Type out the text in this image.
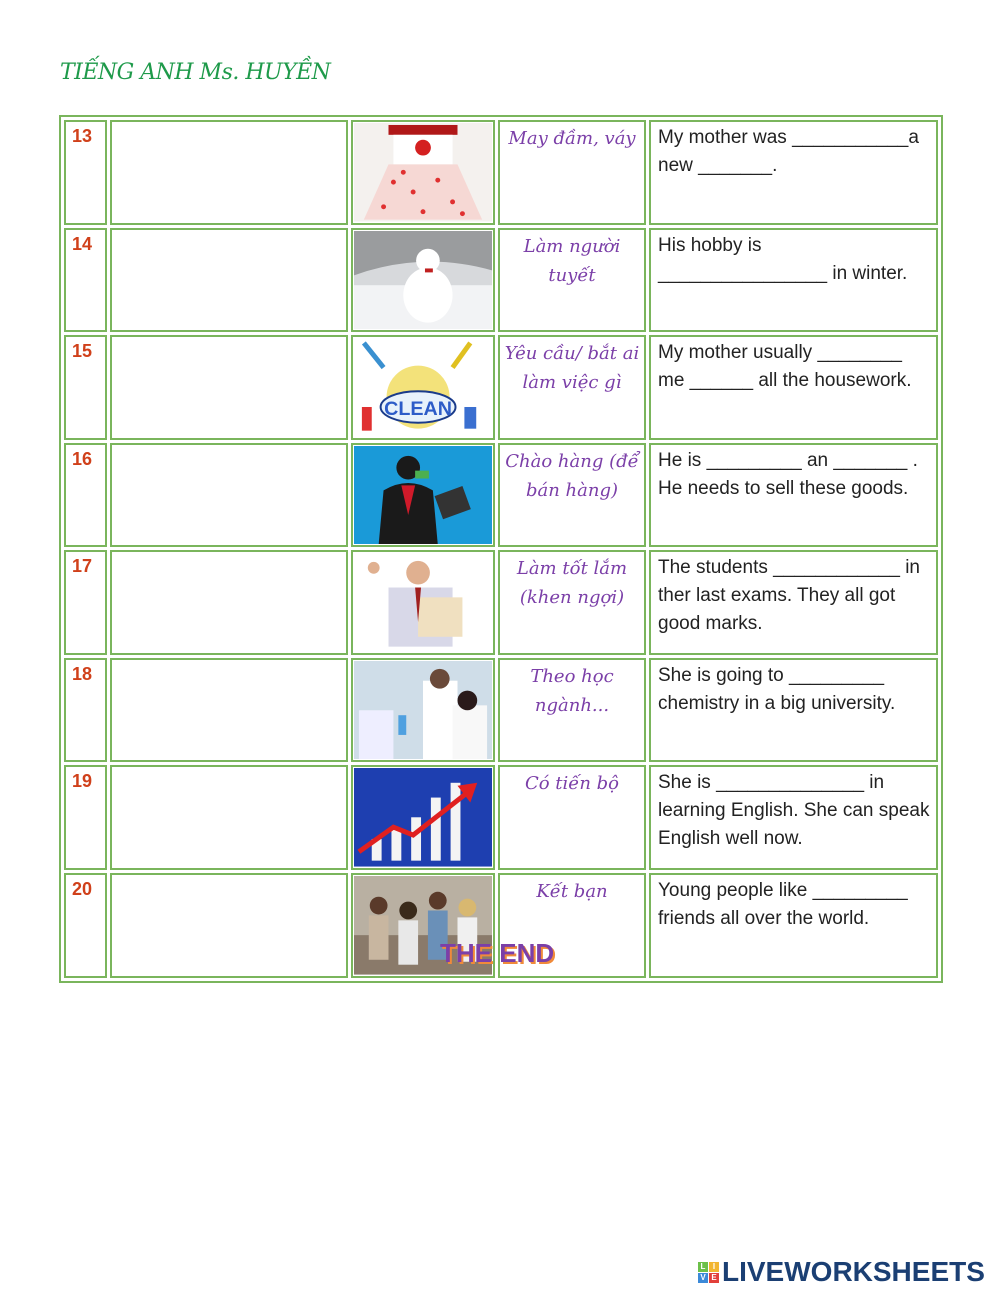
TIẾNG ANH Ms. HUYỀN
13			May đầm, váy	My mother was ___________a new _______.
14			Làm người tuyết	His hobby is ________________ in winter.
15		CLEAN	Yêu cầu/ bắt ai làm việc gì	My mother usually ________ me ______ all the housework.
16			Chào hàng (để bán hàng)	He is _________ an _______ . He needs to sell these goods.
17			Làm tốt lắm (khen ngợi)	The students ____________ in ther last exams. They all got good marks.
18			Theo học ngành...	She is going to _________ chemistry in a big university.
19			Có tiến bộ	She is ______________ in learning English. She can speak English well now.
20			Kết bạn	Young people like _________ friends all over the world.
THE END
L I
V E LIVEWORKSHEETS
